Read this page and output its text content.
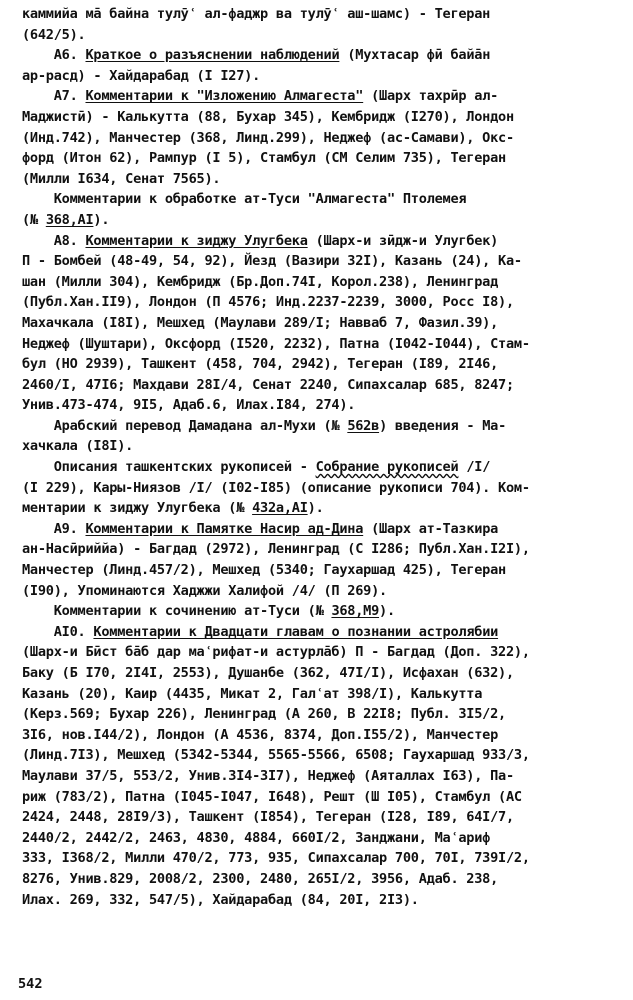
каммийа ма̄ байна тулӯʿ ал-фаджр ва тулӯʿ аш-шамс) - Тегеран
(642/5).
А6. Краткое о разъяснении наблюдений (Мухтасар фӣ байа̄н
ар-расд) - Хайдарабад (I I27).
А7. Комментарии к "Изложению Алмагеста" (Шарх тахрӣр ал-
Маджистӣ) - Калькутта (88, Бухар 345), Кембридж (I270), Лондон
(Инд.742), Манчестер (368, Линд.299), Неджеф (ас-Самави), Окс-
форд (Итон 62), Рампур (I 5), Стамбул (СМ Селим 735), Тегеран
(Милли I634, Сенат 7565).
Комментарии к обработке ат-Туси "Алмагеста" Птолемея
(№ 368,АI).
А8. Комментарии к зиджу Улугбека (Шарх-и зӣдж-и Улугбек)
П - Бомбей (48-49, 54, 92), Йезд (Вазири 32I), Казань (24), Ка-
шан (Милли 304), Кембридж (Бр.Доп.74I, Корол.238), Ленинград
(Публ.Хан.II9), Лондон (П 4576; Инд.2237-2239, 3000, Росс I8),
Махачкала (I8I), Мешхед (Маулави 289/I; Навваб 7, Фазил.39),
Неджеф (Шуштари), Оксфорд (I520, 2232), Патна (I042-I044), Стам-
бул (НО 2939), Ташкент (458, 704, 2942), Тегеран (I89, 2I46,
2460/I, 47I6; Махдави 28I/4, Сенат 2240, Сипахсалар 685, 8247;
Унив.473-474, 9I5, Адаб.6, Илах.I84, 274).
Арабский перевод Дамадана ал-Мухи (№ 562в) введения - Ма-
хачкала (I8I).
Описания ташкентских рукописей - Собрание рукописей /I/
(I 229), Кары-Ниязов /I/ (I02-I85) (описание рукописи 704). Ком-
ментарии к зиджу Улугбека (№ 432а,АI).
А9. Комментарии к Памятке Насир ад-Дина (Шарх ат-Тазкира
ан-Насӣриййа) - Багдад (2972), Ленинград (С I286; Публ.Хан.I2I),
Манчестер (Линд.457/2), Мешхед (5340; Гаухаршад 425), Тегеран
(I90), Упоминаются Хаджжи Халифой /4/ (П 269).
Комментарии к сочинению ат-Туси (№ 368,М9).
АI0. Комментарии к Двадцати главам о познании астролябии
(Шарх-и Бӣст ба̄б дар маʿрифат-и астурла̄б) П - Багдад (Доп. 322),
Баку (Б I70, 2I4I, 2553), Душанбе (362, 47I/I), Исфахан (632),
Казань (20), Каир (4435, Микат 2, Галʿат 398/I), Калькутта
(Керз.569; Бухар 226), Ленинград (А 260, В 22I8; Публ. 3I5/2,
3I6, нов.I44/2), Лондон (А 4536, 8374, Доп.I55/2), Манчестер
(Линд.7I3), Мешхед (5342-5344, 5565-5566, 6508; Гаухаршад 933/3,
Маулави 37/5, 553/2, Унив.3I4-3I7), Неджеф (Аяталлах I63), Па-
риж (783/2), Патна (I045-I047, I648), Решт (Ш I05), Стамбул (АС
2424, 2448, 28I9/3), Ташкент (I854), Тегеран (I28, I89, 64I/7,
2440/2, 2442/2, 2463, 4830, 4884, 660I/2, Занджани, Маʿариф
333, I368/2, Милли 470/2, 773, 935, Сипахсалар 700, 70I, 739I/2,
8276, Унив.829, 2008/2, 2300, 2480, 265I/2, 3956, Адаб. 238,
Илах. 269, 332, 547/5), Хайдарабад (84, 20I, 2I3).
542
